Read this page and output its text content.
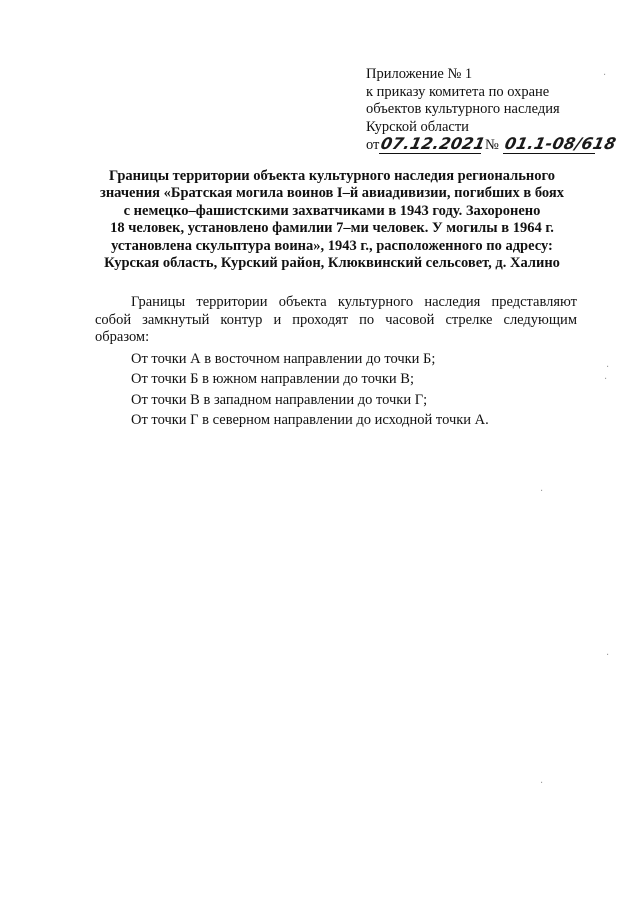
Приложение № 1
к приказу комитета по охране
объектов культурного наследия
Курской области
от07.12.2021 № 01.1-08/618
Границы территории объекта культурного наследия регионального
значения «Братская могила воинов I–й авиадивизии, погибших в боях
с немецко–фашистскими захватчиками в 1943 году. Захоронено
18 человек, установлено фамилии 7–ми человек. У могилы в 1964 г.
установлена скульптура воина», 1943 г., расположенного по адресу:
Курская область, Курский район, Клюквинский сельсовет, д. Халино
Границы территории объекта культурного наследия представляют
собой замкнутый контур и проходят по часовой стрелке следующим
образом:
От точки А в восточном направлении до точки Б;
От точки Б в южном направлении до точки В;
От точки В в западном направлении до точки Г;
От точки Г в северном направлении до исходной точки А.
·
·
·
·
·
·
